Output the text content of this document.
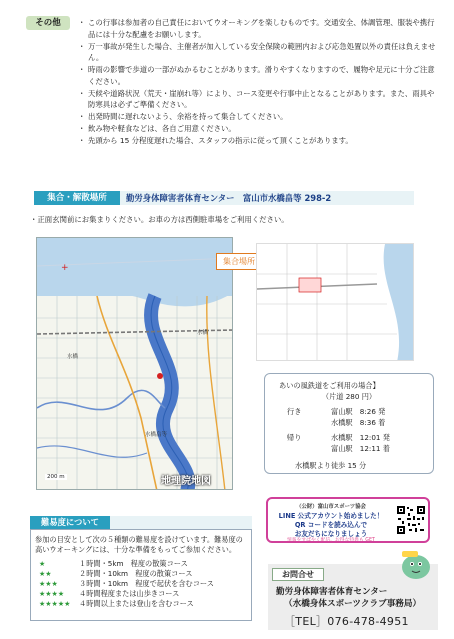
その他
・	この行事は参加者の自己責任においてウオーキングを楽しむものです。交通安全、体調管理、服装や携行品には十分な配慮をお願いします。
・ 万一事故が発生した場合、主催者が加入している安全保険の範囲内および応急処置以外の責任は負えません。
・ 時雨の影響で歩道の一部がぬかるむことがあります。滑りやすくなりますので、履物や足元に十分ご注意ください。
・ 天候や道路状況（荒天・崖崩れ等）により、コース変更や行事中止となることがあります。また、雨具や防寒具は必ずご準備ください。
・ 出発時間に遅れないよう、余裕を持って集合してください。
・ 飲み物や軽食などは、各自ご用意ください。
・ 先頭から 15 分程度遅れた場合、スタッフの指示に従って頂くことがあります。
集合・解散場所	勤労身体障害者体育センター　富山市水橋畠等 298-2
・ 正面玄関前にお集まりください。お車の方は西側駐車場をご利用ください。
+
水橋
水橋畠等
水橋
200 m	地理院地図
集合場所
あいの風鉄道をご利用の場合】
（片道 280 円）
行き	富山駅　8:26 発
水橋駅　8:36 着
帰り	水橋駅　12:01 発
富山駅　12:11 着
水橋駅より徒歩 15 分
（公財）富山市スポーツ協会
LINE 公式アカウント始めました！
QR コードを読み込んで
お友だちになりましょう
情報をすばやく配信、お得な特典も GET
難易度について
参加の目安として次の５種類の難易度を設けています。難易度の高いウオーキングには、十分な準備をもってご参加ください。
★	１時間・5km　程度の散策コース
★★	２時間・10km　程度の散策コース
★★★	３時間・10km　程度で起伏を含むコース
★★★★	４時間程度または山歩きコース
★★★★★	４時間以上または登山を含むコース
お問合せ
勤労身体障害者体育センター
（水橋身体スポーツクラブ事務局）
［TEL］076-478-4951
